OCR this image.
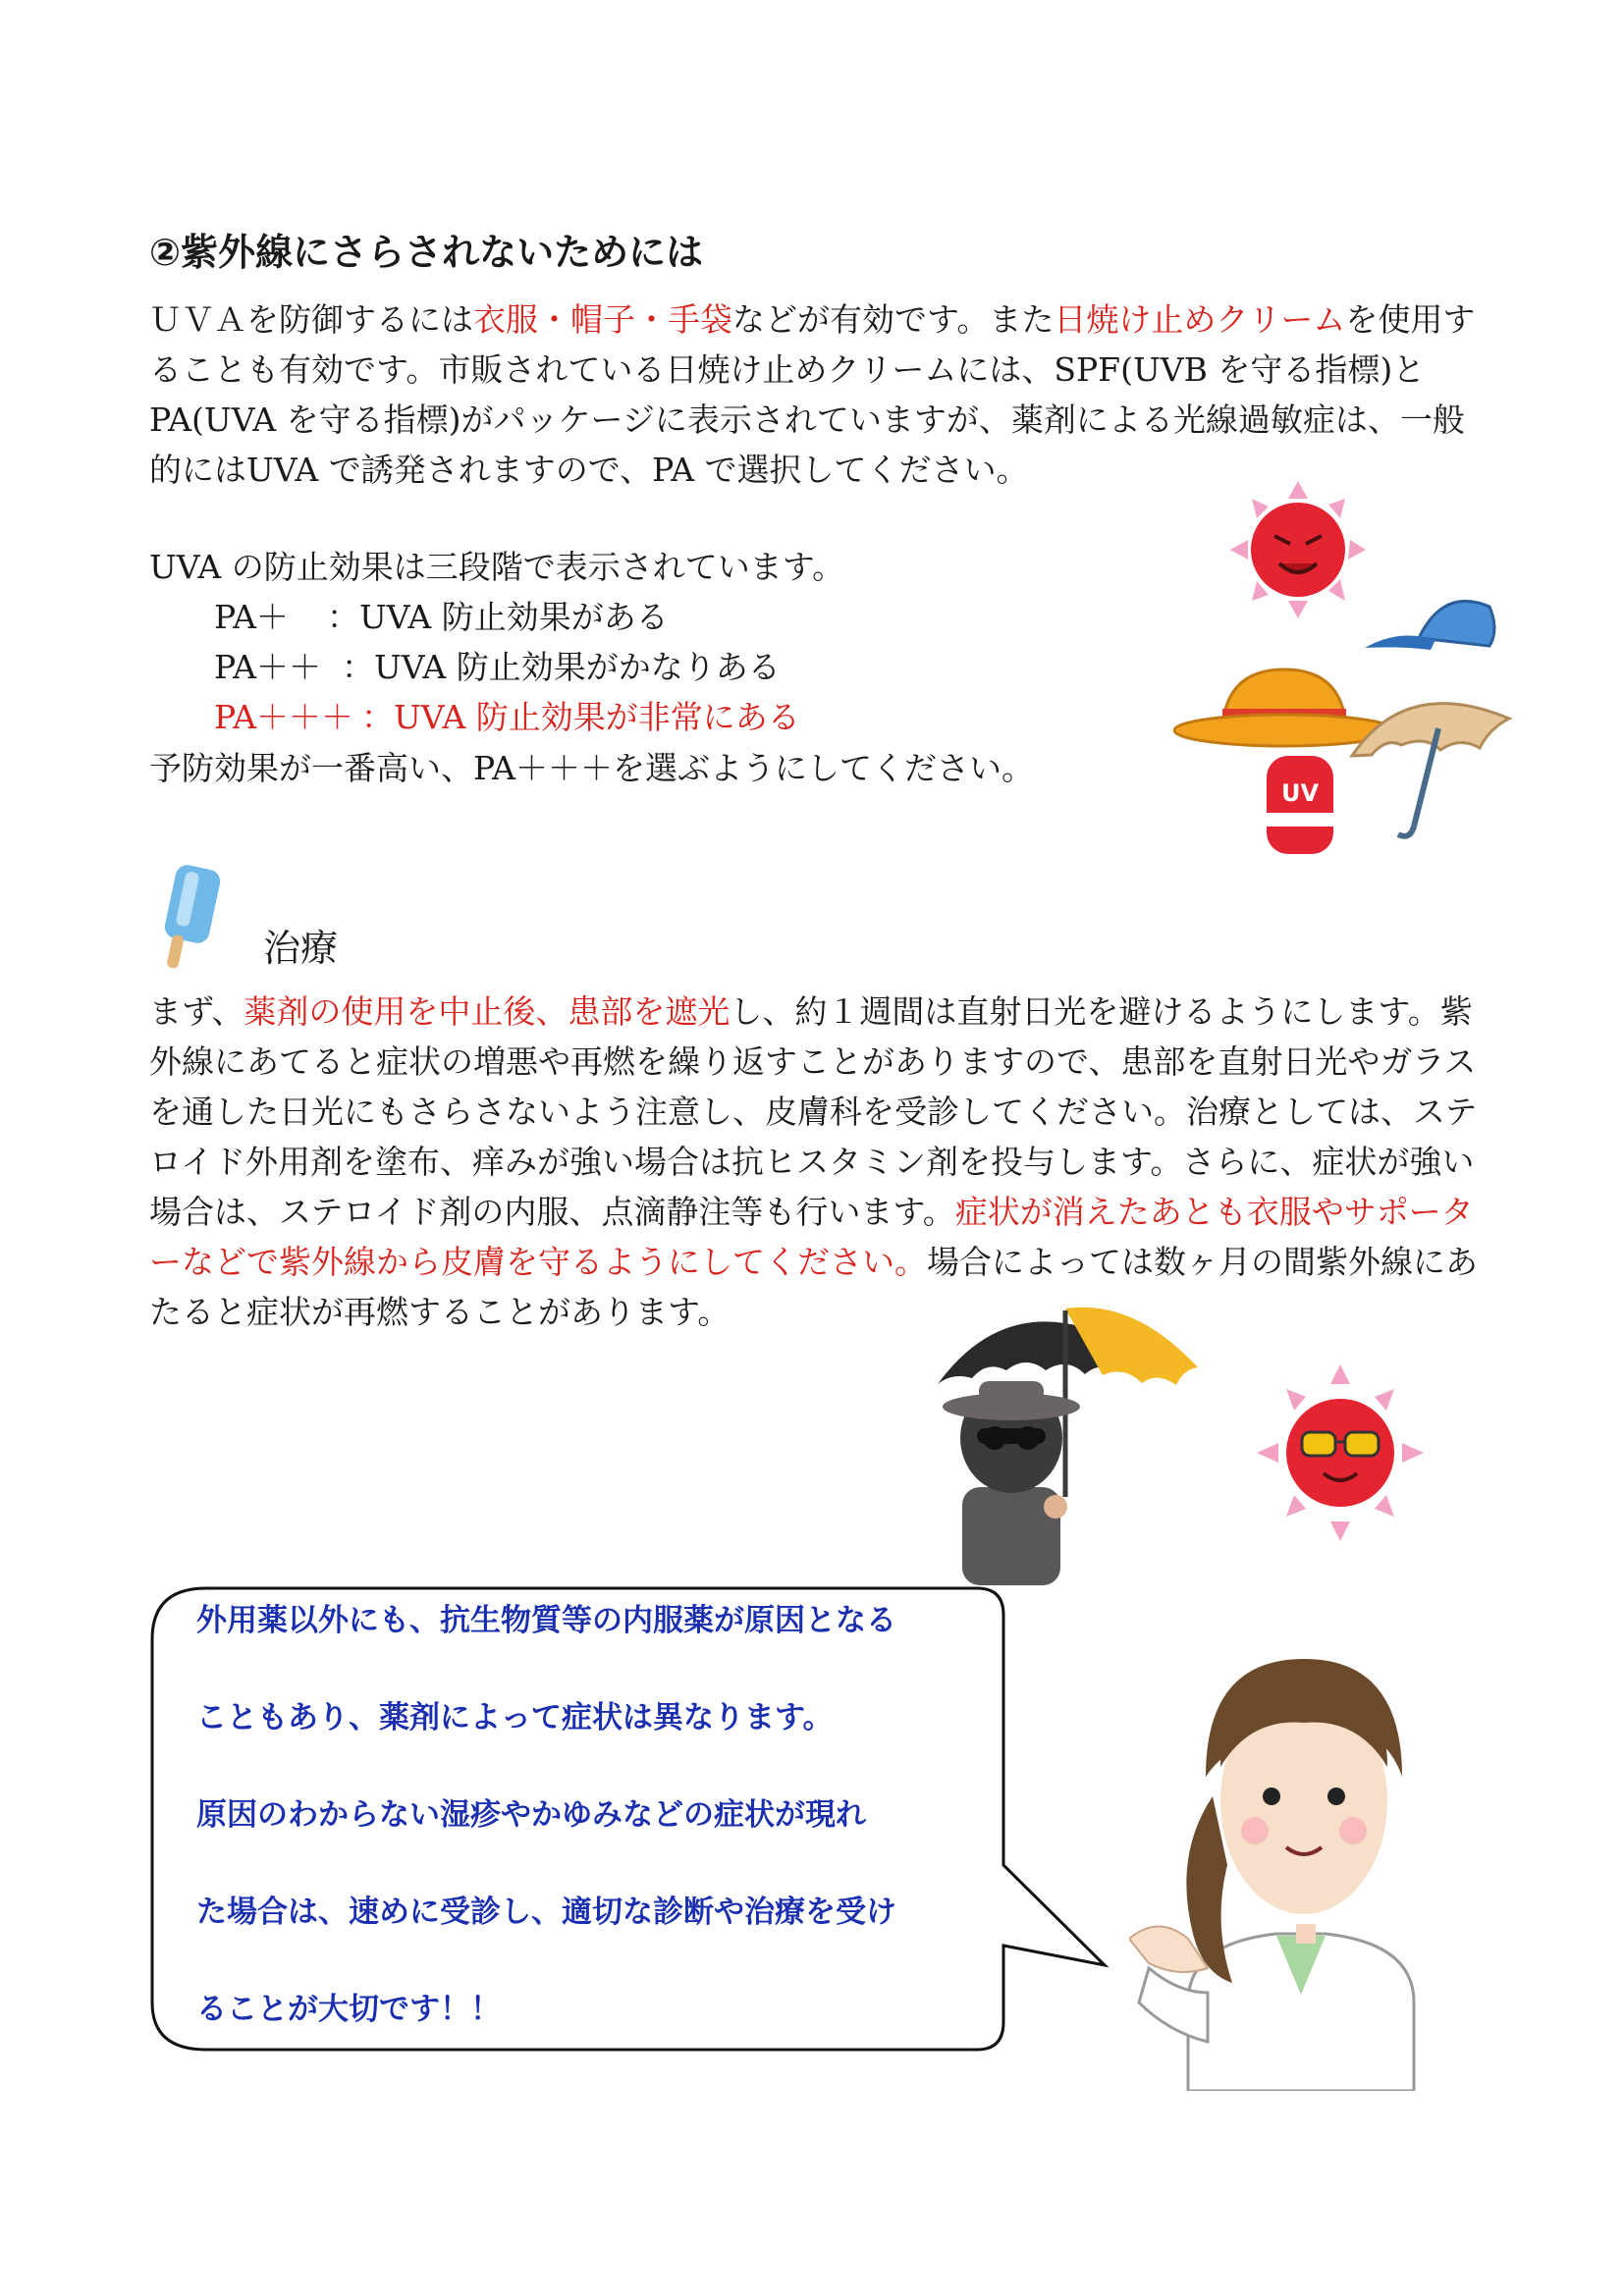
②紫外線にさらされないためには
ＵＶＡを防御するには衣服・帽子・手袋などが有効です。また日焼け止めクリームを使用す
ることも有効です。市販されている日焼け止めクリームには、SPF(UVB を守る指標)と
PA(UVA を守る指標)がパッケージに表示されていますが、薬剤による光線過敏症は、一般
的にはUVA で誘発されますので、PA で選択してください。
UVA の防止効果は三段階で表示されています。
PA＋ ：UVA 防止効果がある
PA＋＋ ：UVA 防止効果がかなりある
PA＋＋＋ ：UVA 防止効果が非常にある
予防効果が一番高い、PA＋＋＋を選ぶようにしてください。
UV
治療
まず、薬剤の使用を中止後、患部を遮光し、約１週間は直射日光を避けるようにします。紫
外線にあてると症状の増悪や再燃を繰り返すことがありますので、患部を直射日光やガラス
を通した日光にもさらさないよう注意し、皮膚科を受診してください。治療としては、ステ
ロイド外用剤を塗布、痒みが強い場合は抗ヒスタミン剤を投与します。さらに、症状が強い
場合は、ステロイド剤の内服、点滴静注等も行います。症状が消えたあとも衣服やサポータ
ーなどで紫外線から皮膚を守るようにしてください。場合によっては数ヶ月の間紫外線にあ
たると症状が再燃することがあります。
外用薬以外にも、抗生物質等の内服薬が原因となる
こともあり、薬剤によって症状は異なります。
原因のわからない湿疹やかゆみなどの症状が現れ
た場合は、速めに受診し、適切な診断や治療を受け
ることが大切です！！
